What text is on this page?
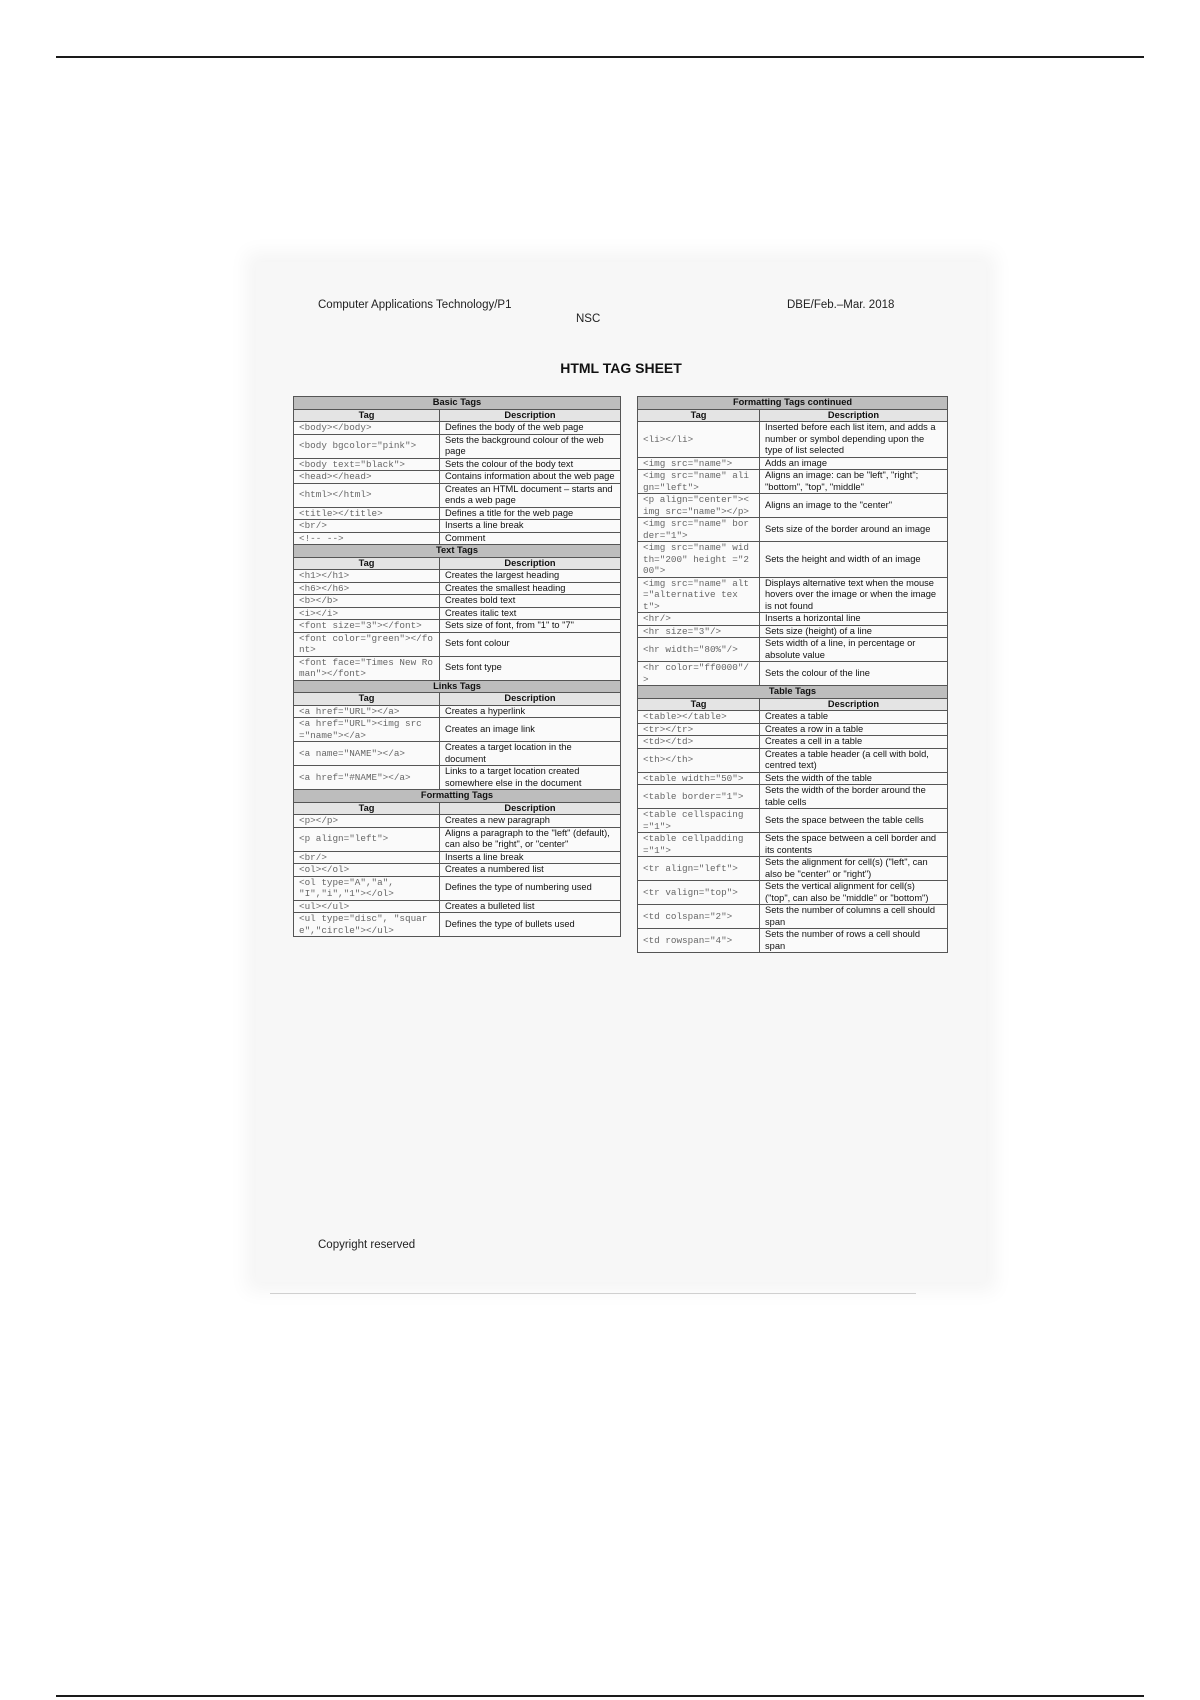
Computer Applications Technology/P1
NSC
DBE/Feb.–Mar. 2018
HTML TAG SHEET
Basic Tags	
Tag	Description
<body></body>	Defines the body of the web page
<body bgcolor="pink">	Sets the background colour of the web page
<body text="black">	Sets the colour of the body text
<head></head>	Contains information about the web page
<html></html>	Creates an HTML document – starts and ends a web page
<title></title>	Defines a title for the web page
<br/>	Inserts a line break
<!-- -->	Comment
Text Tags	
Tag	Description
<h1></h1>	Creates the largest heading
<h6></h6>	Creates the smallest heading
<b></b>	Creates bold text
<i></i>	Creates italic text
<font size="3"></font>	Sets size of font, from "1" to "7"
<font color="green"></font>	Sets font colour
<font face="Times New Roman"></font>	Sets font type
Links Tags	
Tag	Description
<a href="URL"></a>	Creates a hyperlink
<a href="URL"><img src="name"></a>	Creates an image link
<a name="NAME"></a>	Creates a target location in the document
<a href="#NAME"></a>	Links to a target location created somewhere else in the document
Formatting Tags	
Tag	Description
<p></p>	Creates a new paragraph
<p align="left">	Aligns a paragraph to the "left" (default), can also be "right", or "center"
<br/>	Inserts a line break
<ol></ol>	Creates a numbered list
<ol type="A","a", "I","i","1"></ol>	Defines the type of numbering used
<ul></ul>	Creates a bulleted list
<ul type="disc", "square","circle"></ul>	Defines the type of bullets used
Formatting Tags continued	
Tag	Description
<li></li>	Inserted before each list item, and adds a number or symbol depending upon the type of list selected
<img src="name">	Adds an image
<img src="name" align="left">	Aligns an image: can be "left", "right"; "bottom", "top", "middle"
<p align="center"><img src="name"></p>	Aligns an image to the "center"
<img src="name" border="1">	Sets size of the border around an image
<img src="name" width="200" height ="200">	Sets the height and width of an image
<img src="name" alt="alternative text">	Displays alternative text when the mouse hovers over the image or when the image is not found
<hr/>	Inserts a horizontal line
<hr size="3"/>	Sets size (height) of a line
<hr width="80%"/>	Sets width of a line, in percentage or absolute value
<hr color="ff0000"/>	Sets the colour of the line
Table Tags	
Tag	Description
<table></table>	Creates a table
<tr></tr>	Creates a row in a table
<td></td>	Creates a cell in a table
<th></th>	Creates a table header (a cell with bold, centred text)
<table width="50">	Sets the width of the table
<table border="1">	Sets the width of the border around the table cells
<table cellspacing="1">	Sets the space between the table cells
<table cellpadding="1">	Sets the space between a cell border and its contents
<tr align="left">	Sets the alignment for cell(s) ("left", can also be "center" or "right")
<tr valign="top">	Sets the vertical alignment for cell(s) ("top", can also be "middle" or "bottom")
<td colspan="2">	Sets the number of columns a cell should span
<td rowspan="4">	Sets the number of rows a cell should span
Copyright reserved
